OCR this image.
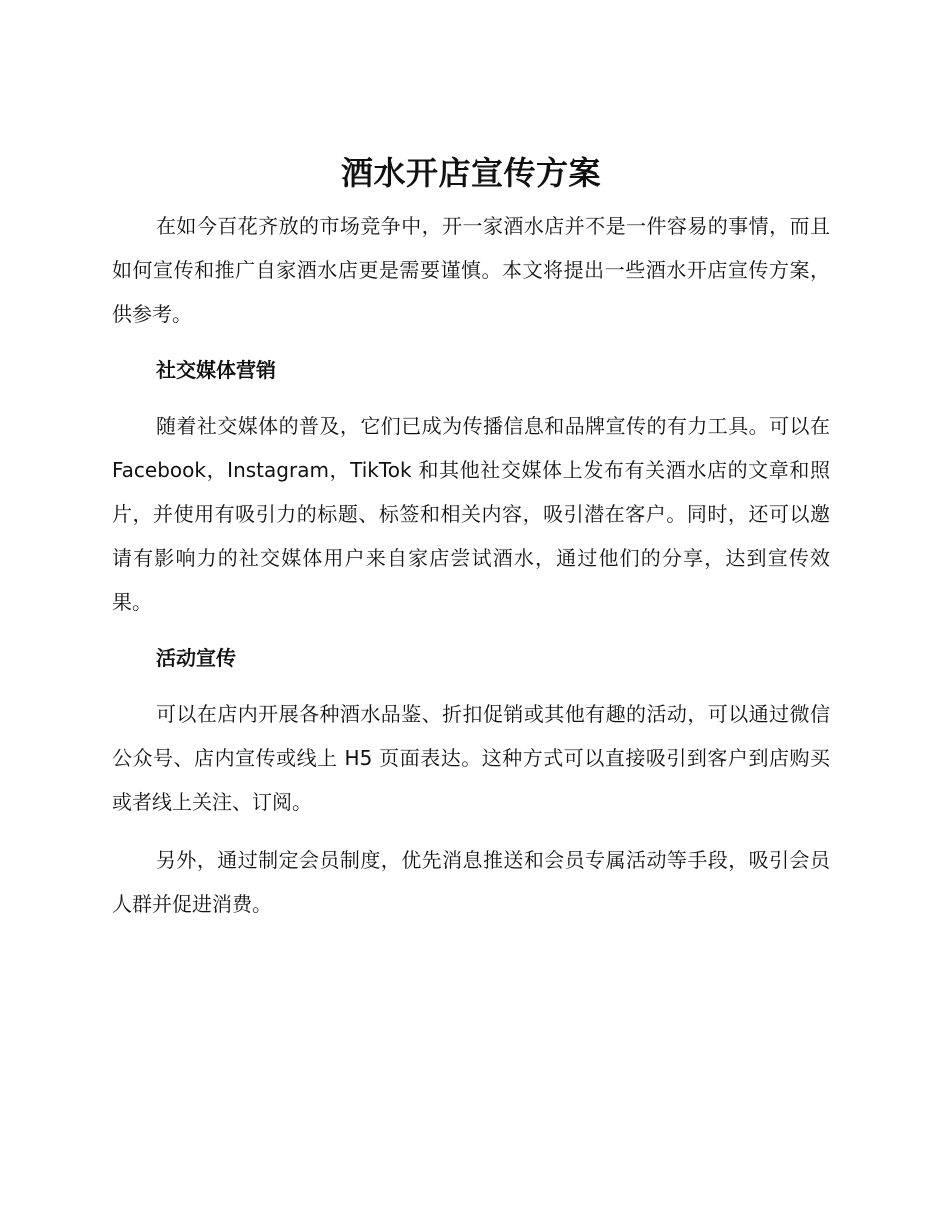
酒水开店宣传方案

在如今百花齐放的市场竞争中，开一家酒水店并不是一件容易的事情，而且如何宣传和推广自家酒水店更是需要谨慎。本文将提出一些酒水开店宣传方案，供参考。

社交媒体营销

随着社交媒体的普及，它们已成为传播信息和品牌宣传的有力工具。可以在 Facebook，Instagram，TikTok 和其他社交媒体上发布有关酒水店的文章和照片，并使用有吸引力的标题、标签和相关内容，吸引潜在客户。同时，还可以邀请有影响力的社交媒体用户来自家店尝试酒水，通过他们的分享，达到宣传效果。

活动宣传

可以在店内开展各种酒水品鉴、折扣促销或其他有趣的活动，可以通过微信公众号、店内宣传或线上 H5 页面表达。这种方式可以直接吸引到客户到店购买或者线上关注、订阅。

另外，通过制定会员制度，优先消息推送和会员专属活动等手段，吸引会员人群并促进消费。
